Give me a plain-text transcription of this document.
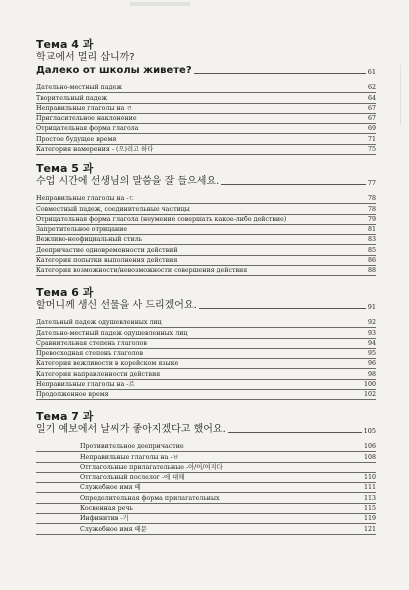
Тема 4 과
학교에서 멀리 삽니까?
Далеко от школы живете?	61
Дательно-местный падеж	62
Творительный падеж	64
Неправильные глаголы на ㄹ	67
Пригласительное наклонение	67
Отрицательная форма глагола	69
Простое будущее время	71
Категория намерения - (으)려고 하다	75
Тема 5 과
수업 시간에 선생님의 말씀을 잘 들으세요.	77
Неправильные глаголы на -ㄷ	78
Совместный падеж, соединительные частицы	78
Отрицательная форма глагола (неумение совершать какое-либо действие)	79
Запретительное отрицание	81
Вежливо-неофициальный стиль	83
Деепричастие одновременности действий	85
Категория попытки выполнения действия	86
Категория возможности/невозможности совершения действия	88
Тема 6 과
할머니께 생신 선물을 사 드리겠어요.	91
Дательный падеж одушевленных лиц	92
Дательно-местный падеж одушевленных лиц	93
Сравнительная степень глаголов	94
Превосходная степень глаголов	95
Категория вежливости в корейском языке	96
Категория направленности действия	98
Неправильные глаголы на -르	100
Продолженное время	102
Тема 7 과
일기 예보에서 날씨가 좋아지겠다고 했어요.	105
Противительное деепричастие	106
Неправильные глаголы на -ㅂ	108
Отглагольные прилагательные -아/어/여지다
Отглагольный послелог -에 대해	110
Служебное имя 때	111
Определительная форма прилагательных	113
Косвенная речь	115
Инфинитив -기	119
Служебное имя 때문	121
